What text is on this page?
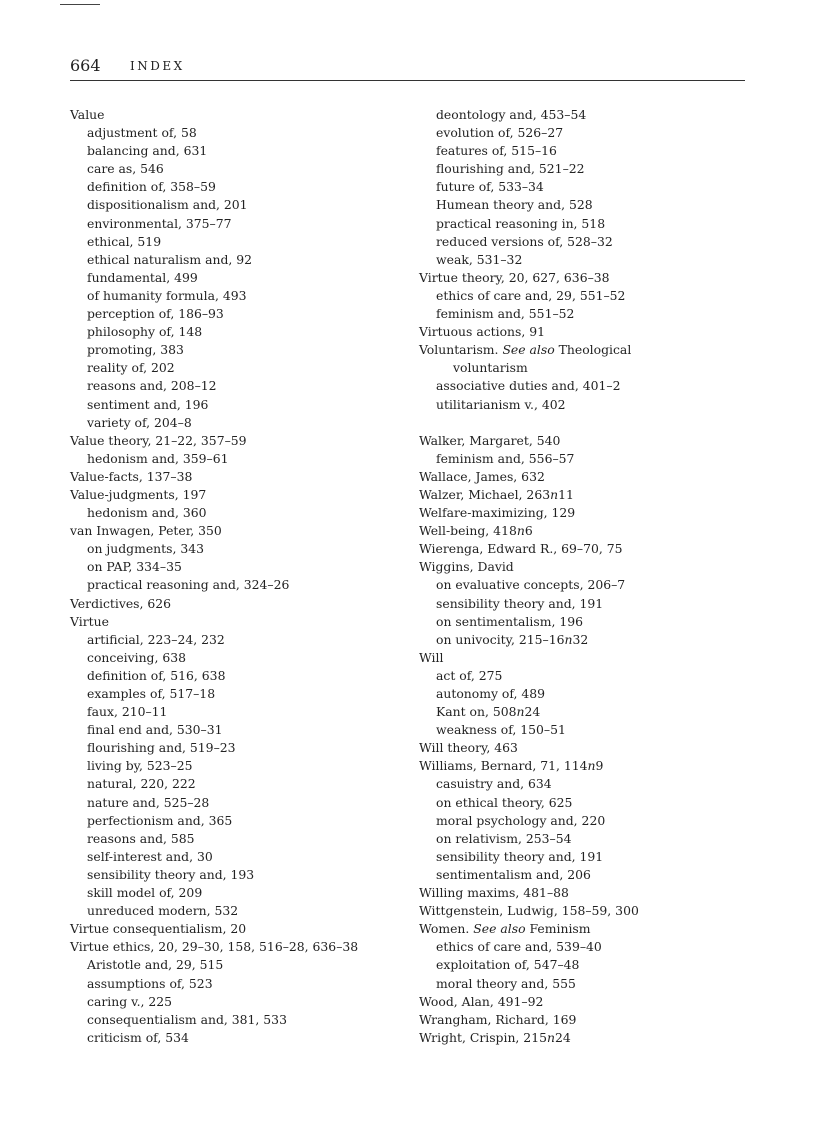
664 INDEX
Value
adjustment of, 58
balancing and, 631
care as, 546
definition of, 358–59
dispositionalism and, 201
environmental, 375–77
ethical, 519
ethical naturalism and, 92
fundamental, 499
of humanity formula, 493
perception of, 186–93
philosophy of, 148
promoting, 383
reality of, 202
reasons and, 208–12
sentiment and, 196
variety of, 204–8
Value theory, 21–22, 357–59
hedonism and, 359–61
Value-facts, 137–38
Value-judgments, 197
hedonism and, 360
van Inwagen, Peter, 350
on judgments, 343
on PAP, 334–35
practical reasoning and, 324–26
Verdictives, 626
Virtue
artificial, 223–24, 232
conceiving, 638
definition of, 516, 638
examples of, 517–18
faux, 210–11
final end and, 530–31
flourishing and, 519–23
living by, 523–25
natural, 220, 222
nature and, 525–28
perfectionism and, 365
reasons and, 585
self-interest and, 30
sensibility theory and, 193
skill model of, 209
unreduced modern, 532
Virtue consequentialism, 20
Virtue ethics, 20, 29–30, 158, 516–28, 636–38
Aristotle and, 29, 515
assumptions of, 523
caring v., 225
consequentialism and, 381, 533
criticism of, 534
deontology and, 453–54
evolution of, 526–27
features of, 515–16
flourishing and, 521–22
future of, 533–34
Humean theory and, 528
practical reasoning in, 518
reduced versions of, 528–32
weak, 531–32
Virtue theory, 20, 627, 636–38
ethics of care and, 29, 551–52
feminism and, 551–52
Virtuous actions, 91
Voluntarism. See also Theological
voluntarism
associative duties and, 401–2
utilitarianism v., 402
Walker, Margaret, 540
feminism and, 556–57
Wallace, James, 632
Walzer, Michael, 263n11
Welfare-maximizing, 129
Well-being, 418n6
Wierenga, Edward R., 69–70, 75
Wiggins, David
on evaluative concepts, 206–7
sensibility theory and, 191
on sentimentalism, 196
on univocity, 215–16n32
Will
act of, 275
autonomy of, 489
Kant on, 508n24
weakness of, 150–51
Will theory, 463
Williams, Bernard, 71, 114n9
casuistry and, 634
on ethical theory, 625
moral psychology and, 220
on relativism, 253–54
sensibility theory and, 191
sentimentalism and, 206
Willing maxims, 481–88
Wittgenstein, Ludwig, 158–59, 300
Women. See also Feminism
ethics of care and, 539–40
exploitation of, 547–48
moral theory and, 555
Wood, Alan, 491–92
Wrangham, Richard, 169
Wright, Crispin, 215n24
